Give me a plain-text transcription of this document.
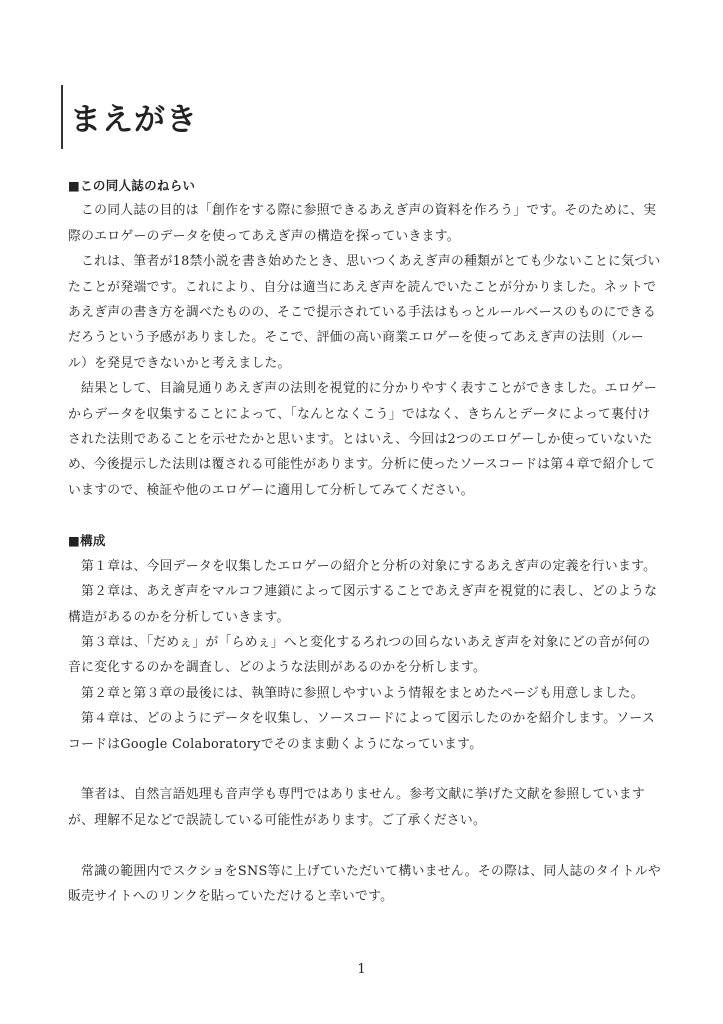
まえがき
■この同人誌のねらい
この同人誌の目的は「創作をする際に参照できるあえぎ声の資料を作ろう」です。そのために、実
際のエロゲーのデータを使ってあえぎ声の構造を探っていきます。
これは、筆者が18禁小説を書き始めたとき、思いつくあえぎ声の種類がとても少ないことに気づい
たことが発端です。これにより、自分は適当にあえぎ声を読んでいたことが分かりました。ネットで
あえぎ声の書き方を調べたものの、そこで提示されている手法はもっとルールベースのものにできる
だろうという予感がありました。そこで、評価の高い商業エロゲーを使ってあえぎ声の法則（ルー
ル）を発見できないかと考えました。
結果として、目論見通りあえぎ声の法則を視覚的に分かりやすく表すことができました。エロゲー
からデータを収集することによって、「なんとなくこう」ではなく、きちんとデータによって裏付け
された法則であることを示せたかと思います。とはいえ、今回は2つのエロゲーしか使っていないた
め、今後提示した法則は覆される可能性があります。分析に使ったソースコードは第４章で紹介して
いますので、検証や他のエロゲーに適用して分析してみてください。
■構成
第１章は、今回データを収集したエロゲーの紹介と分析の対象にするあえぎ声の定義を行います。
第２章は、あえぎ声をマルコフ連鎖によって図示することであえぎ声を視覚的に表し、どのような
構造があるのかを分析していきます。
第３章は、「だめぇ」が「らめぇ」へと変化するろれつの回らないあえぎ声を対象にどの音が何の
音に変化するのかを調査し、どのような法則があるのかを分析します。
第２章と第３章の最後には、執筆時に参照しやすいよう情報をまとめたページも用意しました。
第４章は、どのようにデータを収集し、ソースコードによって図示したのかを紹介します。ソース
コードはGoogle Colaboratoryでそのまま動くようになっています。
筆者は、自然言語処理も音声学も専門ではありません。参考文献に挙げた文献を参照しています
が、理解不足などで誤読している可能性があります。ご了承ください。
常識の範囲内でスクショをSNS等に上げていただいて構いません。その際は、同人誌のタイトルや
販売サイトへのリンクを貼っていただけると幸いです。
1
